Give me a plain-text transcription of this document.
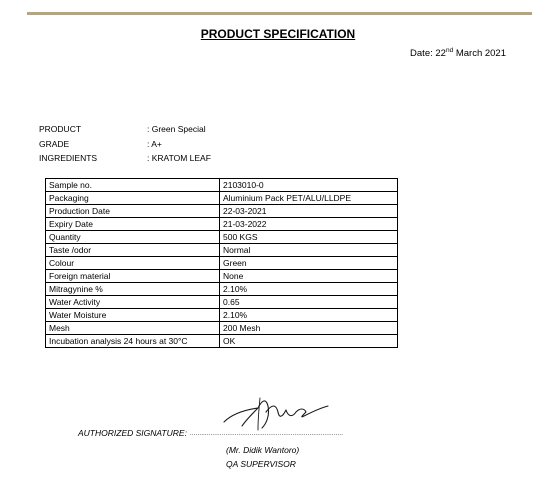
PRODUCT SPECIFICATION
Date: 22nd March 2021
PRODUCT	: Green Special
GRADE	: A+
INGREDIENTS	: KRATOM LEAF
Sample no.	2103010-0
Packaging	Aluminium Pack PET/ALU/LLDPE
Production Date	22-03-2021
Expiry Date	21-03-2022
Quantity	500 KGS
Taste /odor	Normal
Colour	Green
Foreign material	None
Mitragynine %	2.10%
Water Activity	0.65
Water Moisture	2.10%
Mesh	200 Mesh
Incubation analysis 24 hours at 30°C	OK
AUTHORIZED SIGNATURE: ..................................................................................
(Mr. Didik Wantoro)
QA SUPERVISOR
